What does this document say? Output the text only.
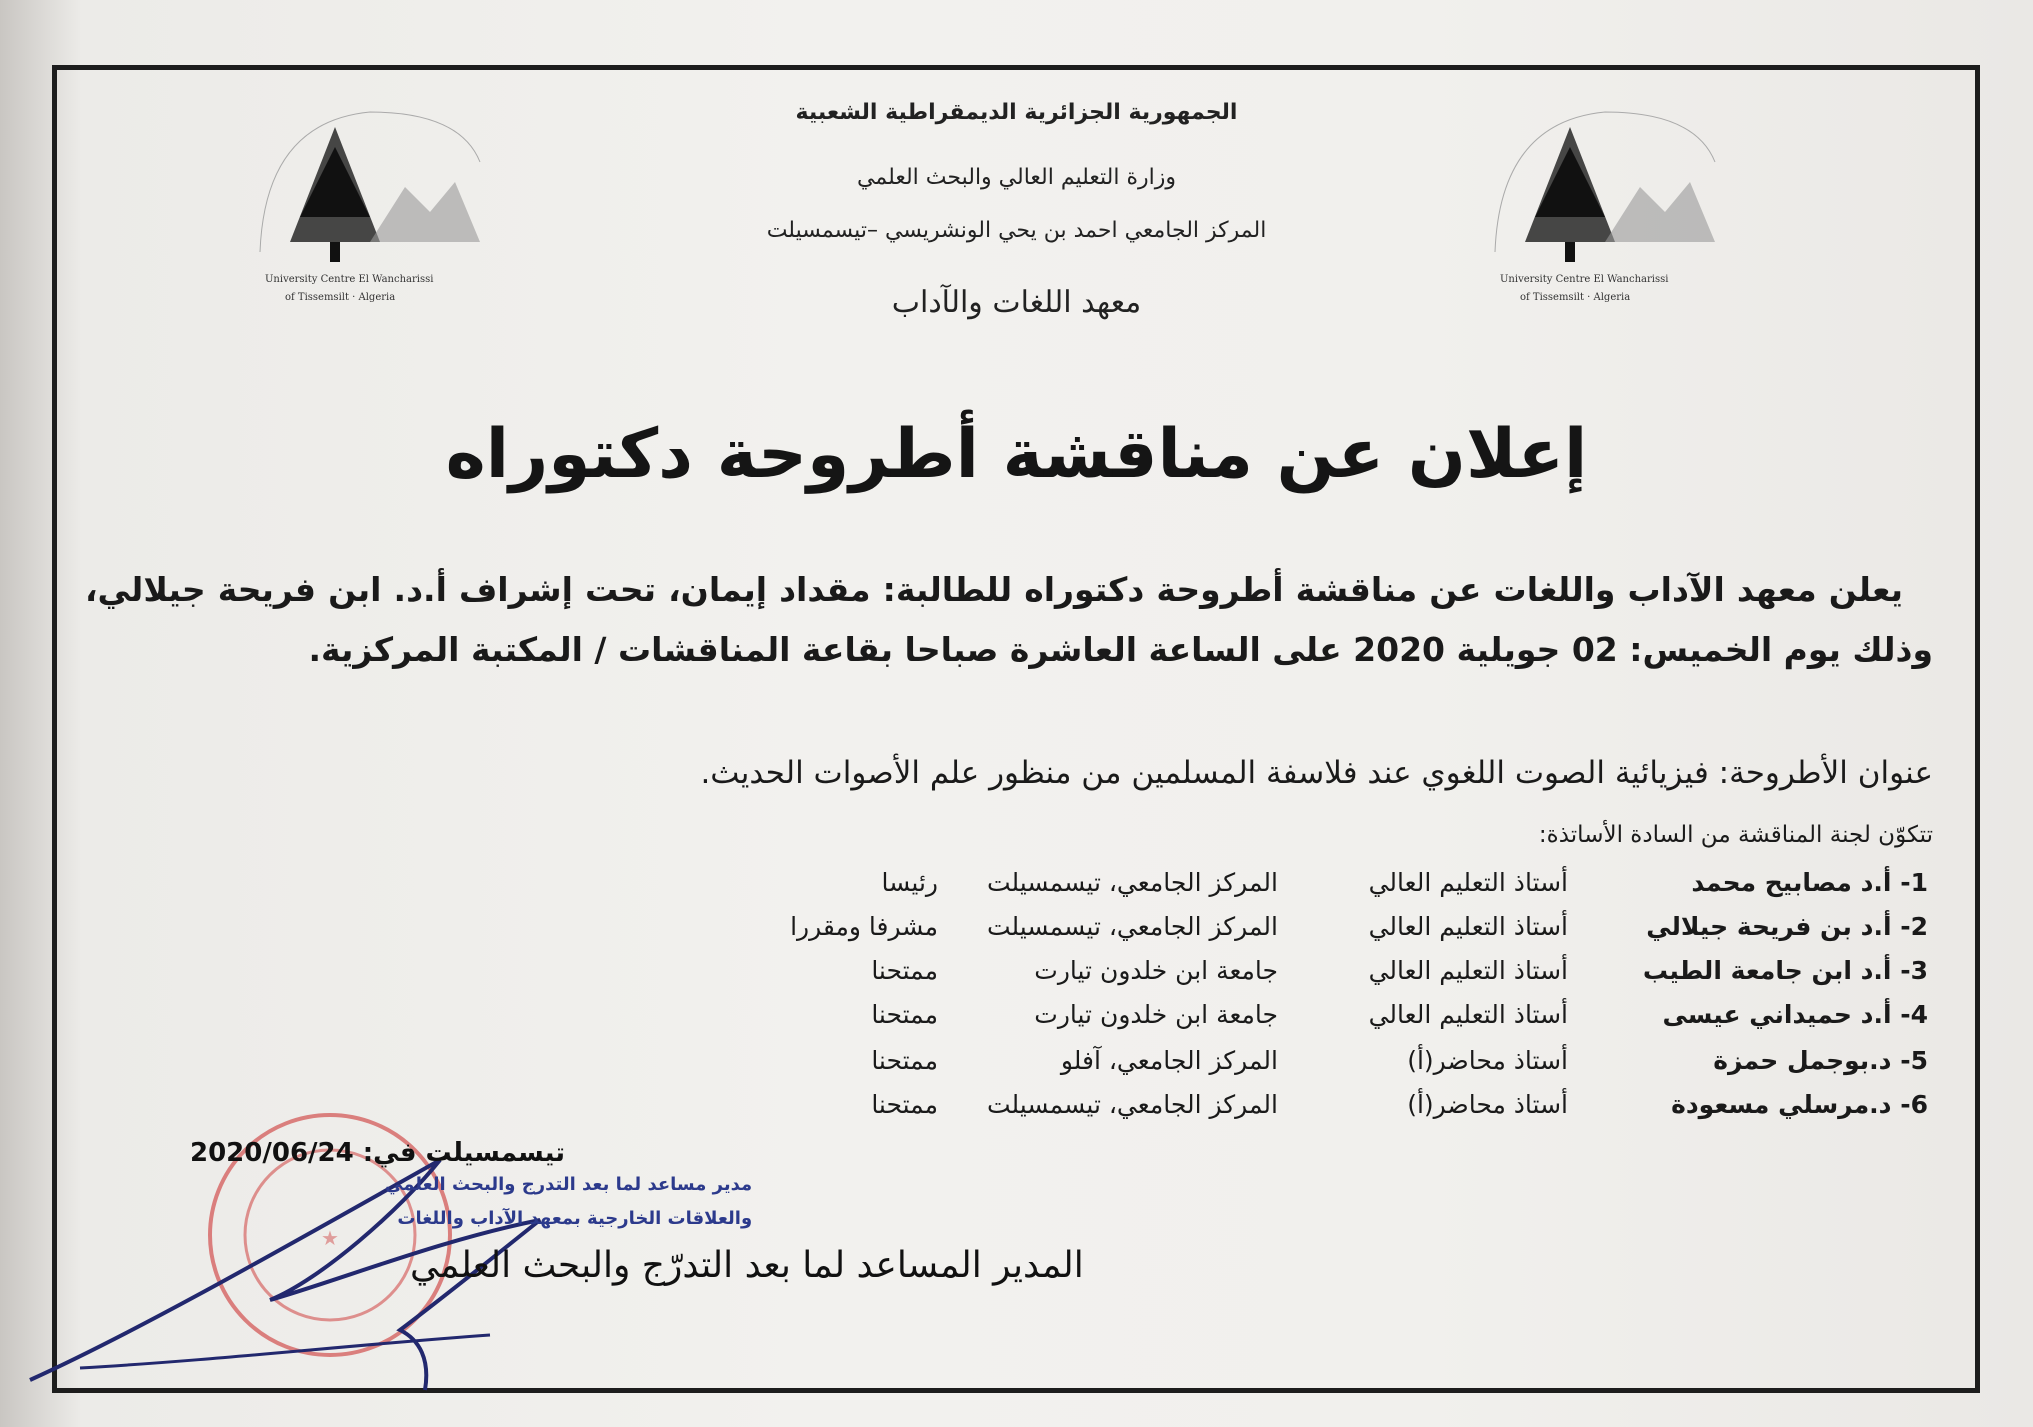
University Centre El Wancharissi
of Tissemsilt · Algeria
University Centre El Wancharissi
of Tissemsilt · Algeria
الجمهورية الجزائرية الديمقراطية الشعبية
وزارة التعليم العالي والبحث العلمي
المركز الجامعي احمد بن يحي الونشريسي –تيسمسيلت
معهد اللغات والآداب
إعلان عن مناقشة أطروحة دكتوراه
يعلن معهد الآداب واللغات عن مناقشة أطروحة دكتوراه للطالبة: مقداد إيمان، تحت إشراف أ.د. ابن فريحة جيلالي، وذلك يوم الخميس: 02 جويلية 2020 على الساعة العاشرة صباحا بقاعة المناقشات / المكتبة المركزية.
عنوان الأطروحة: فيزيائية الصوت اللغوي عند فلاسفة المسلمين من منظور علم الأصوات الحديث.
تتكوّن لجنة المناقشة من السادة الأساتذة:
1- أ.د مصابيح محمد
أستاذ التعليم العالي
المركز الجامعي، تيسمسيلت
رئيسا
2- أ.د بن فريحة جيلالي
أستاذ التعليم العالي
المركز الجامعي، تيسمسيلت
مشرفا ومقررا
3- أ.د ابن جامعة الطيب
أستاذ التعليم العالي
جامعة ابن خلدون تيارت
ممتحنا
4- أ.د حميداني عيسى
أستاذ التعليم العالي
جامعة ابن خلدون تيارت
ممتحنا
5- د.بوجمل حمزة
أستاذ محاضر(أ)
المركز الجامعي، آفلو
ممتحنا
6- د.مرسلي مسعودة
أستاذ محاضر(أ)
المركز الجامعي، تيسمسيلت
ممتحنا
★
تيسمسيلت في: 2020/06/24
مدير مساعد لما بعد التدرج والبحث العلمي
والعلاقات الخارجية بمعهد الآداب واللغات
المدير المساعد لما بعد التدرّج والبحث العلمي
